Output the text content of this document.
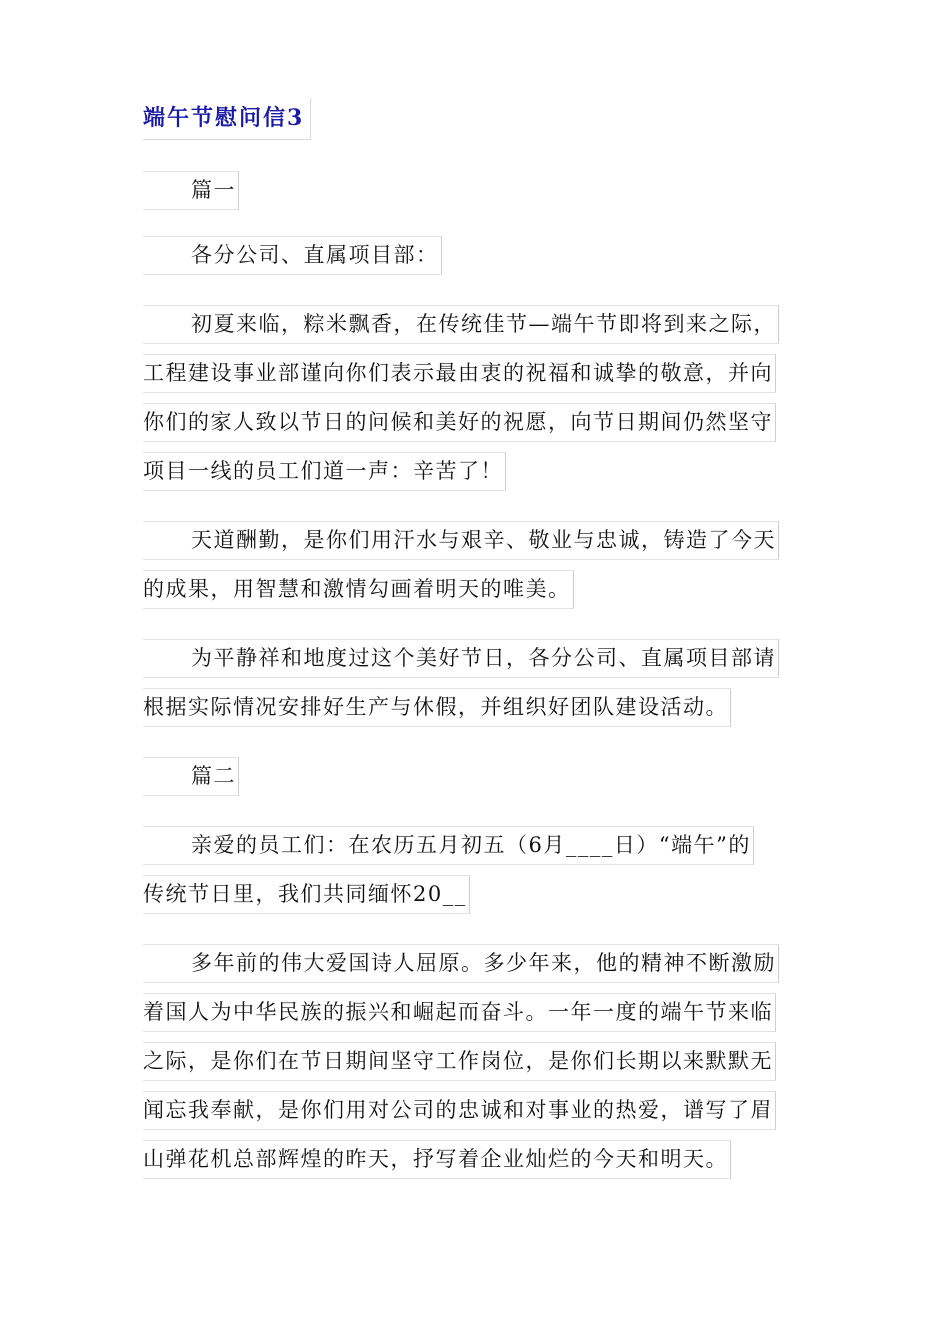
端午节慰问信3
篇一
各分公司、直属项目部：
初夏来临，粽米飘香，在传统佳节—端午节即将到来之际，
工程建设事业部谨向你们表示最由衷的祝福和诚挚的敬意，并向
你们的家人致以节日的问候和美好的祝愿，向节日期间仍然坚守
项目一线的员工们道一声：辛苦了！
天道酬勤，是你们用汗水与艰辛、敬业与忠诚，铸造了今天
的成果，用智慧和激情勾画着明天的唯美。
为平静祥和地度过这个美好节日，各分公司、直属项目部请
根据实际情况安排好生产与休假，并组织好团队建设活动。
篇二
亲爱的员工们：在农历五月初五（6月____日）“端午”的
传统节日里，我们共同缅怀20__
多年前的伟大爱国诗人屈原。多少年来，他的精神不断激励
着国人为中华民族的振兴和崛起而奋斗。一年一度的端午节来临
之际，是你们在节日期间坚守工作岗位，是你们长期以来默默无
闻忘我奉献，是你们用对公司的忠诚和对事业的热爱，谱写了眉
山弹花机总部辉煌的昨天，抒写着企业灿烂的今天和明天。
